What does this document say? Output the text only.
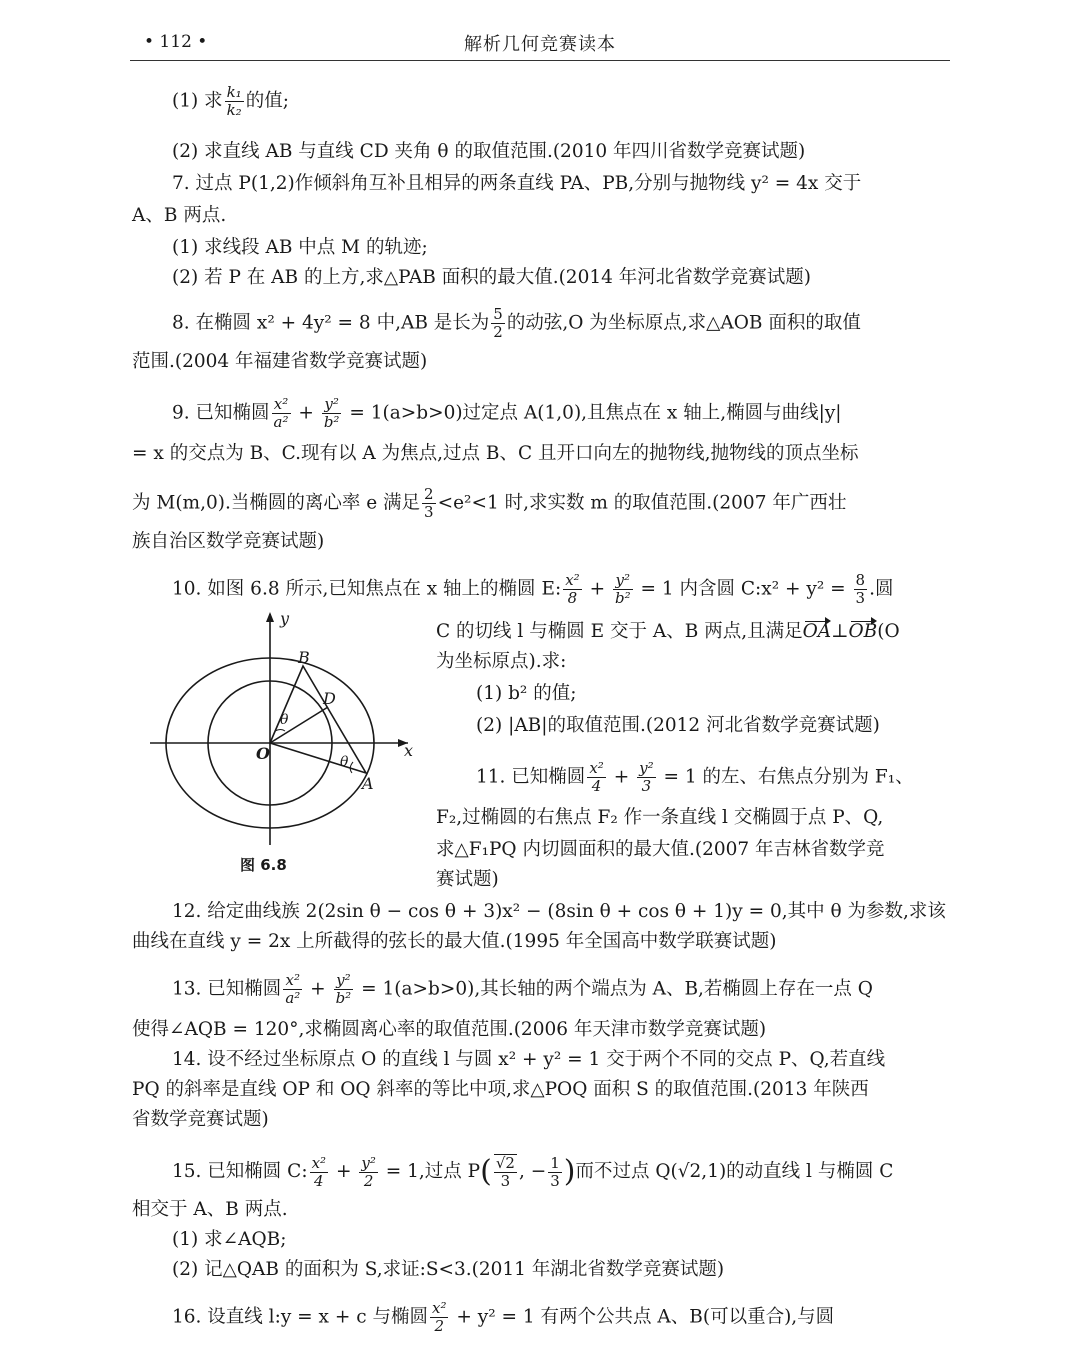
• 112 •	解析几何竞赛读本
(1) 求 $\frac{\text{k₁}}{\text{k₂}}$ 的值;
(2) 求直线 AB 与直线 CD 夹角 θ 的取值范围.(2010 年四川省数学竞赛试题)
7. 过点 P(1,2)作倾斜角互补且相异的两条直线 PA、PB,分别与抛物线 y² = 4x 交于
A、B 两点.
(1) 求线段 AB 中点 M 的轨迹;
(2) 若 P 在 AB 的上方,求△PAB 面积的最大值.(2014 年河北省数学竞赛试题)
8. 在椭圆 x² + 4y² = 8 中,AB 是长为 $\frac{5}{2}$ 的动弦,O 为坐标原点,求△AOB 面积的取值
范围.(2004 年福建省数学竞赛试题)
9. 已知椭圆 $\frac{\text{x²}}{\text{a²}} + \frac{\text{y²}}{\text{b²}} = 1(a>b>0)$过定点 A(1,0),且焦点在 x 轴上,椭圆与曲线|y|
= x 的交点为 B、C.现有以 A 为焦点,过点 B、C 且开口向左的抛物线,抛物线的顶点坐标
为 M(m,0).当椭圆的离心率 e 满足 $\frac{2}{3} <e^2<1$ 时,求实数 m 的取值范围.(2007 年广西壮
族自治区数学竞赛试题)
10. 如图 6.8 所示,已知焦点在 x 轴上的椭圆 E: $\frac{\text{x²}}{8} + \frac{\text{y²}}{\text{b²}} = 1$ 内含圆 C:x² + $y^2 = \frac{8}{3}$ .圆
C 的切线 l 与椭圆 E 交于 A、B 两点,且满足OA⊥OB(O
为坐标原点).求:
(1) b² 的值;
(2) |AB|的取值范围.(2012 河北省数学竞赛试题)
11. 已知椭圆 $\frac{\text{x²}}{4} + \frac{\text{y²}}{3} = 1$ 的左、右焦点分别为 F₁、
F₂,过椭圆的右焦点 F₂ 作一条直线 l 交椭圆于点 P、Q,
求△F₁PQ 内切圆面积的最大值.(2007 年吉林省数学竞
赛试题)
y
x
O
A
B
D
θ
θ
图 6.8
12. 给定曲线族 2(2sin θ − cos θ + 3)x² − (8sin θ + cos θ + 1)y = 0,其中 θ 为参数,求该
曲线在直线 y = 2x 上所截得的弦长的最大值.(1995 年全国高中数学联赛试题)
13. 已知椭圆 $\frac{\text{x²}}{\text{a²}} + \frac{\text{y²}}{\text{b²}} = 1(a>b>0)$,其长轴的两个端点为 A、B,若椭圆上存在一点 Q
使得∠AQB = 120°,求椭圆离心率的取值范围.(2006 年天津市数学竞赛试题)
14. 设不经过坐标原点 O 的直线 l 与圆 x² + y² = 1 交于两个不同的交点 P、Q,若直线
PQ 的斜率是直线 OP 和 OQ 斜率的等比中项,求△POQ 面积 S 的取值范围.(2013 年陕西
省数学竞赛试题)
15. 已知椭圆 C: $\frac{\text{x²}}{4} + \frac{\text{y²}}{2} = 1$,过点 $P( \frac{√2}{3}$ , − $\frac{1}{3}$ )而不过点 Q(√2,1)的动直线 l 与椭圆 C
相交于 A、B 两点.
(1) 求∠AQB;
(2) 记△QAB 的面积为 S,求证:S<3.(2011 年湖北省数学竞赛试题)
16. 设直线 l:y = x + c 与椭圆 $\frac{\text{x²}}{2} + y^2 = 1$ 有两个公共点 A、B(可以重合),与圆
